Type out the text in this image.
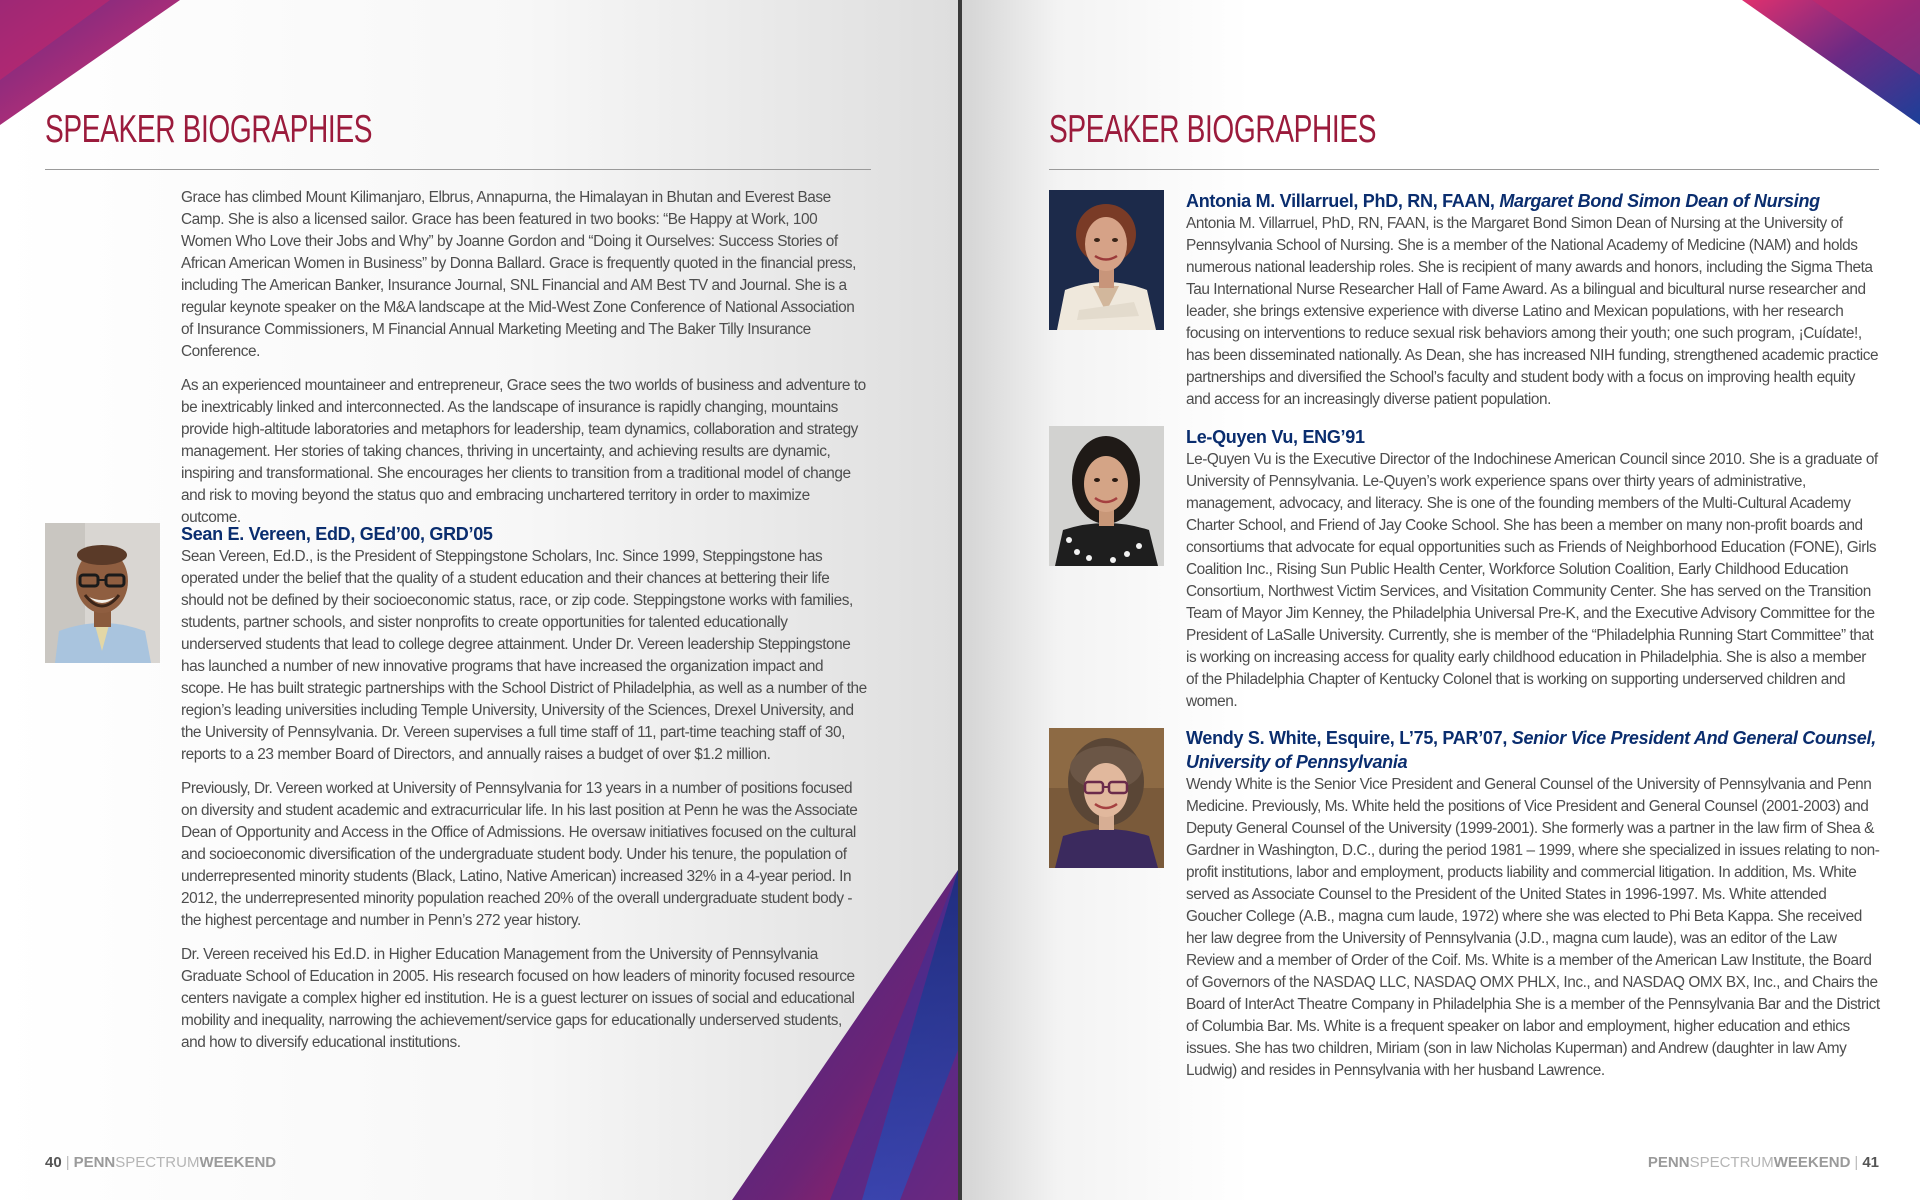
SPEAKER BIOGRAPHIES

Grace has climbed Mount Kilimanjaro, Elbrus, Annapurna, the Himalayan in Bhutan and Everest Base Camp. She is also a licensed sailor. Grace has been featured in two books: “Be Happy at Work, 100 Women Who Love their Jobs and Why” by Joanne Gordon and “Doing it Ourselves: Success Stories of African American Women in Business” by Donna Ballard. Grace is frequently quoted in the financial press, including The American Banker, Insurance Journal, SNL Financial and AM Best TV and Journal. She is a regular keynote speaker on the M&A landscape at the Mid-West Zone Conference of National Association of Insurance Commissioners, M Financial Annual Marketing Meeting and The Baker Tilly Insurance Conference.

As an experienced mountaineer and entrepreneur, Grace sees the two worlds of business and adventure to be inextricably linked and interconnected. As the landscape of insurance is rapidly changing, mountains provide high-altitude laboratories and metaphors for leadership, team dynamics, collaboration and strategy management. Her stories of taking chances, thriving in uncertainty, and achieving results are dynamic, inspiring and transformational. She encourages her clients to transition from a traditional model of change and risk to moving beyond the status quo and embracing unchartered territory in order to maximize outcome.

Sean E. Vereen, EdD, GEd’00, GRD’05

Sean Vereen, Ed.D., is the President of Steppingstone Scholars, Inc. Since 1999, Steppingstone has operated under the belief that the quality of a student education and their chances at bettering their life should not be defined by their socioeconomic status, race, or zip code. Steppingstone works with families, students, partner schools, and sister nonprofits to create opportunities for talented educationally underserved students that lead to college degree attainment. Under Dr. Vereen leadership Steppingstone has launched a number of new innovative programs that have increased the organization impact and scope. He has built strategic partnerships with the School District of Philadelphia, as well as a number of the region’s leading universities including Temple University, University of the Sciences, Drexel University, and the University of Pennsylvania. Dr. Vereen supervises a full time staff of 11, part-time teaching staff of 30, reports to a 23 member Board of Directors, and annually raises a budget of over $1.2 million.

Previously, Dr. Vereen worked at University of Pennsylvania for 13 years in a number of positions focused on diversity and student academic and extracurricular life. In his last position at Penn he was the Associate Dean of Opportunity and Access in the Office of Admissions. He oversaw initiatives focused on the cultural and socioeconomic diversification of the undergraduate student body. Under his tenure, the population of underrepresented minority students (Black, Latino, Native American) increased 32% in a 4-year period. In 2012, the underrepresented minority population reached 20% of the overall undergraduate student body - the highest percentage and number in Penn’s 272 year history.

Dr. Vereen received his Ed.D. in Higher Education Management from the University of Pennsylvania Graduate School of Education in 2005. His research focused on how leaders of minority focused resource centers navigate a complex higher ed institution. He is a guest lecturer on issues of social and educational mobility and inequality, narrowing the achievement/service gaps for educationally underserved students, and how to diversify educational institutions.

40 | PENNSPECTRUMWEEKEND
SPEAKER BIOGRAPHIES

Antonia M. Villarruel, PhD, RN, FAAN, Margaret Bond Simon Dean of Nursing

Antonia M. Villarruel, PhD, RN, FAAN, is the Margaret Bond Simon Dean of Nursing at the University of Pennsylvania School of Nursing. She is a member of the National Academy of Medicine (NAM) and holds numerous national leadership roles. She is recipient of many awards and honors, including the Sigma Theta Tau International Nurse Researcher Hall of Fame Award. As a bilingual and bicultural nurse researcher and leader, she brings extensive experience with diverse Latino and Mexican populations, with her research focusing on interventions to reduce sexual risk behaviors among their youth; one such program, ¡Cuídate!, has been disseminated nationally. As Dean, she has increased NIH funding, strengthened academic practice partnerships and diversified the School’s faculty and student body with a focus on improving health equity and access for an increasingly diverse patient population.

Le-Quyen Vu, ENG’91

Le-Quyen Vu is the Executive Director of the Indochinese American Council since 2010. She is a graduate of University of Pennsylvania. Le-Quyen’s work experience spans over thirty years of administrative, management, advocacy, and literacy. She is one of the founding members of the Multi-Cultural Academy Charter School, and Friend of Jay Cooke School. She has been a member on many non-profit boards and consortiums that advocate for equal opportunities such as Friends of Neighborhood Education (FONE), Girls Coalition Inc., Rising Sun Public Health Center, Workforce Solution Coalition, Early Childhood Education Consortium, Northwest Victim Services, and Visitation Community Center. She has served on the Transition Team of Mayor Jim Kenney, the Philadelphia Universal Pre-K, and the Executive Advisory Committee for the President of LaSalle University. Currently, she is member of the “Philadelphia Running Start Committee” that is working on increasing access for quality early childhood education in Philadelphia. She is also a member of the Philadelphia Chapter of Kentucky Colonel that is working on supporting underserved children and women.

Wendy S. White, Esquire, L’75, PAR’07, Senior Vice President And General Counsel, University of Pennsylvania

Wendy White is the Senior Vice President and General Counsel of the University of Pennsylvania and Penn Medicine. Previously, Ms. White held the positions of Vice President and General Counsel (2001-2003) and Deputy General Counsel of the University (1999-2001). She formerly was a partner in the law firm of Shea & Gardner in Washington, D.C., during the period 1981 – 1999, where she specialized in issues relating to non-profit institutions, labor and employment, products liability and commercial litigation. In addition, Ms. White served as Associate Counsel to the President of the United States in 1996-1997. Ms. White attended Goucher College (A.B., magna cum laude, 1972) where she was elected to Phi Beta Kappa. She received her law degree from the University of Pennsylvania (J.D., magna cum laude), was an editor of the Law Review and a member of Order of the Coif. Ms. White is a member of the American Law Institute, the Board of Governors of the NASDAQ LLC, NASDAQ OMX PHLX, Inc., and NASDAQ OMX BX, Inc., and Chairs the Board of InterAct Theatre Company in Philadelphia She is a member of the Pennsylvania Bar and the District of Columbia Bar. Ms. White is a frequent speaker on labor and employment, higher education and ethics issues. She has two children, Miriam (son in law Nicholas Kuperman) and Andrew (daughter in law Amy Ludwig) and resides in Pennsylvania with her husband Lawrence.

PENNSPECTRUMWEEKEND | 41
